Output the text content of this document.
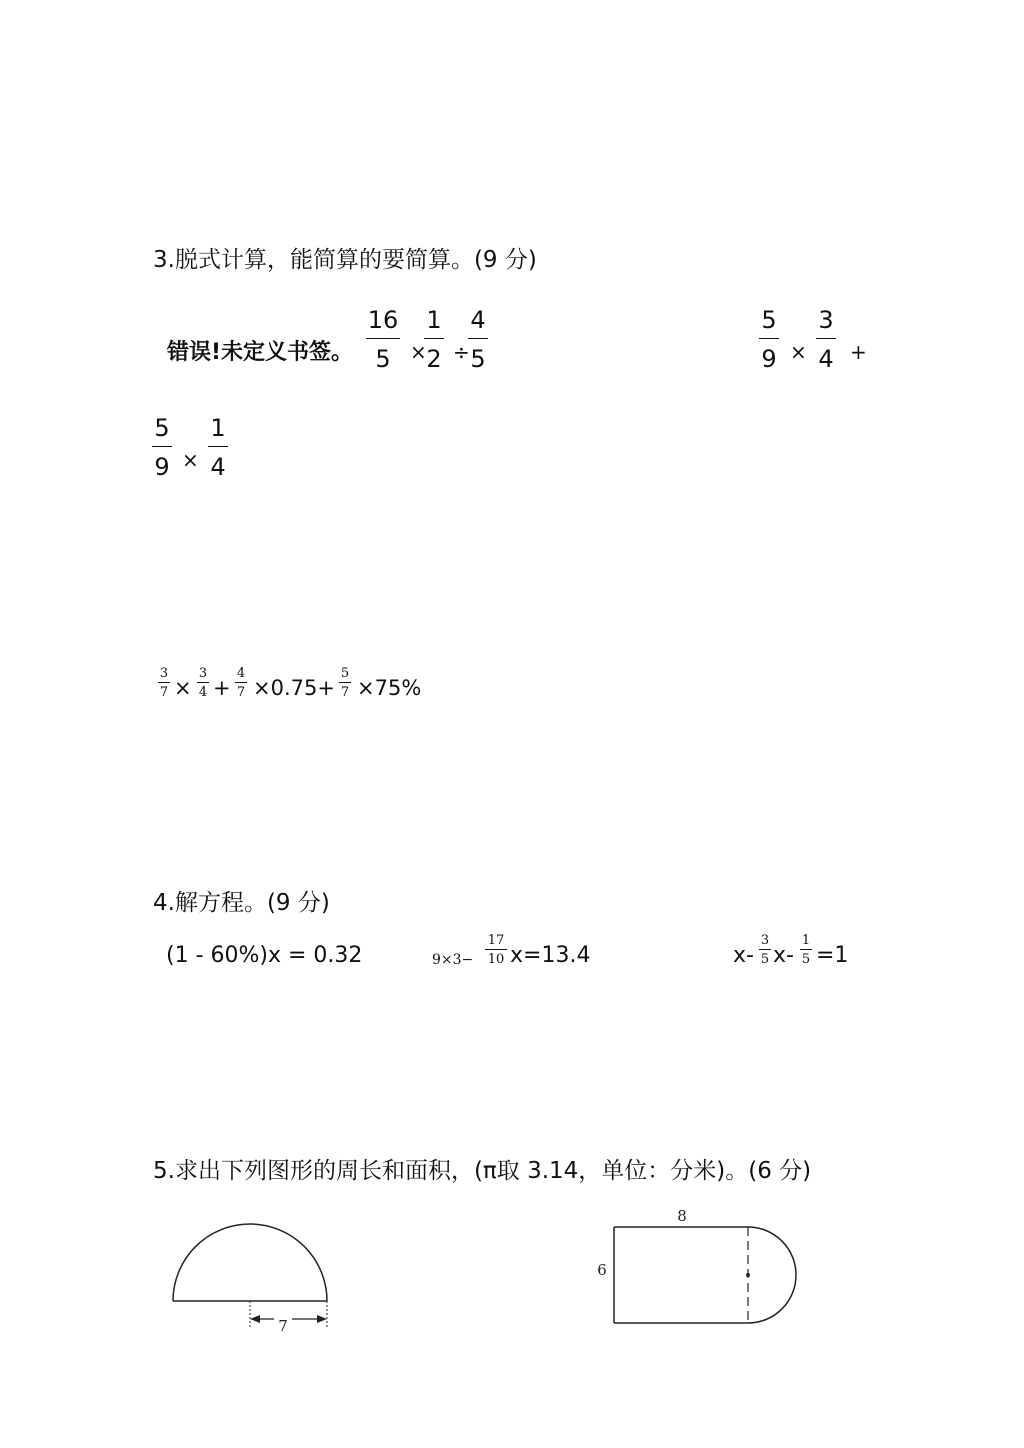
3.脱式计算，能简算的要简算。(9 分)
错误!未定义书签。
16
5 ×
1
2 ÷
4
5
5
9 ×
3
4 +
5
9 ×
1
4
3
7 ×
3
4 +
4
7 ×0.75+
5
7 ×75%
4.解方程。(9 分)
(1 - 60%)x = 0.32	9×3−
17
10 x=13.4	x-
3
5 x-
1
5 =1
5.求出下列图形的周长和面积，(π取 3.14，单位：分米)。(6 分)
7
8
6
